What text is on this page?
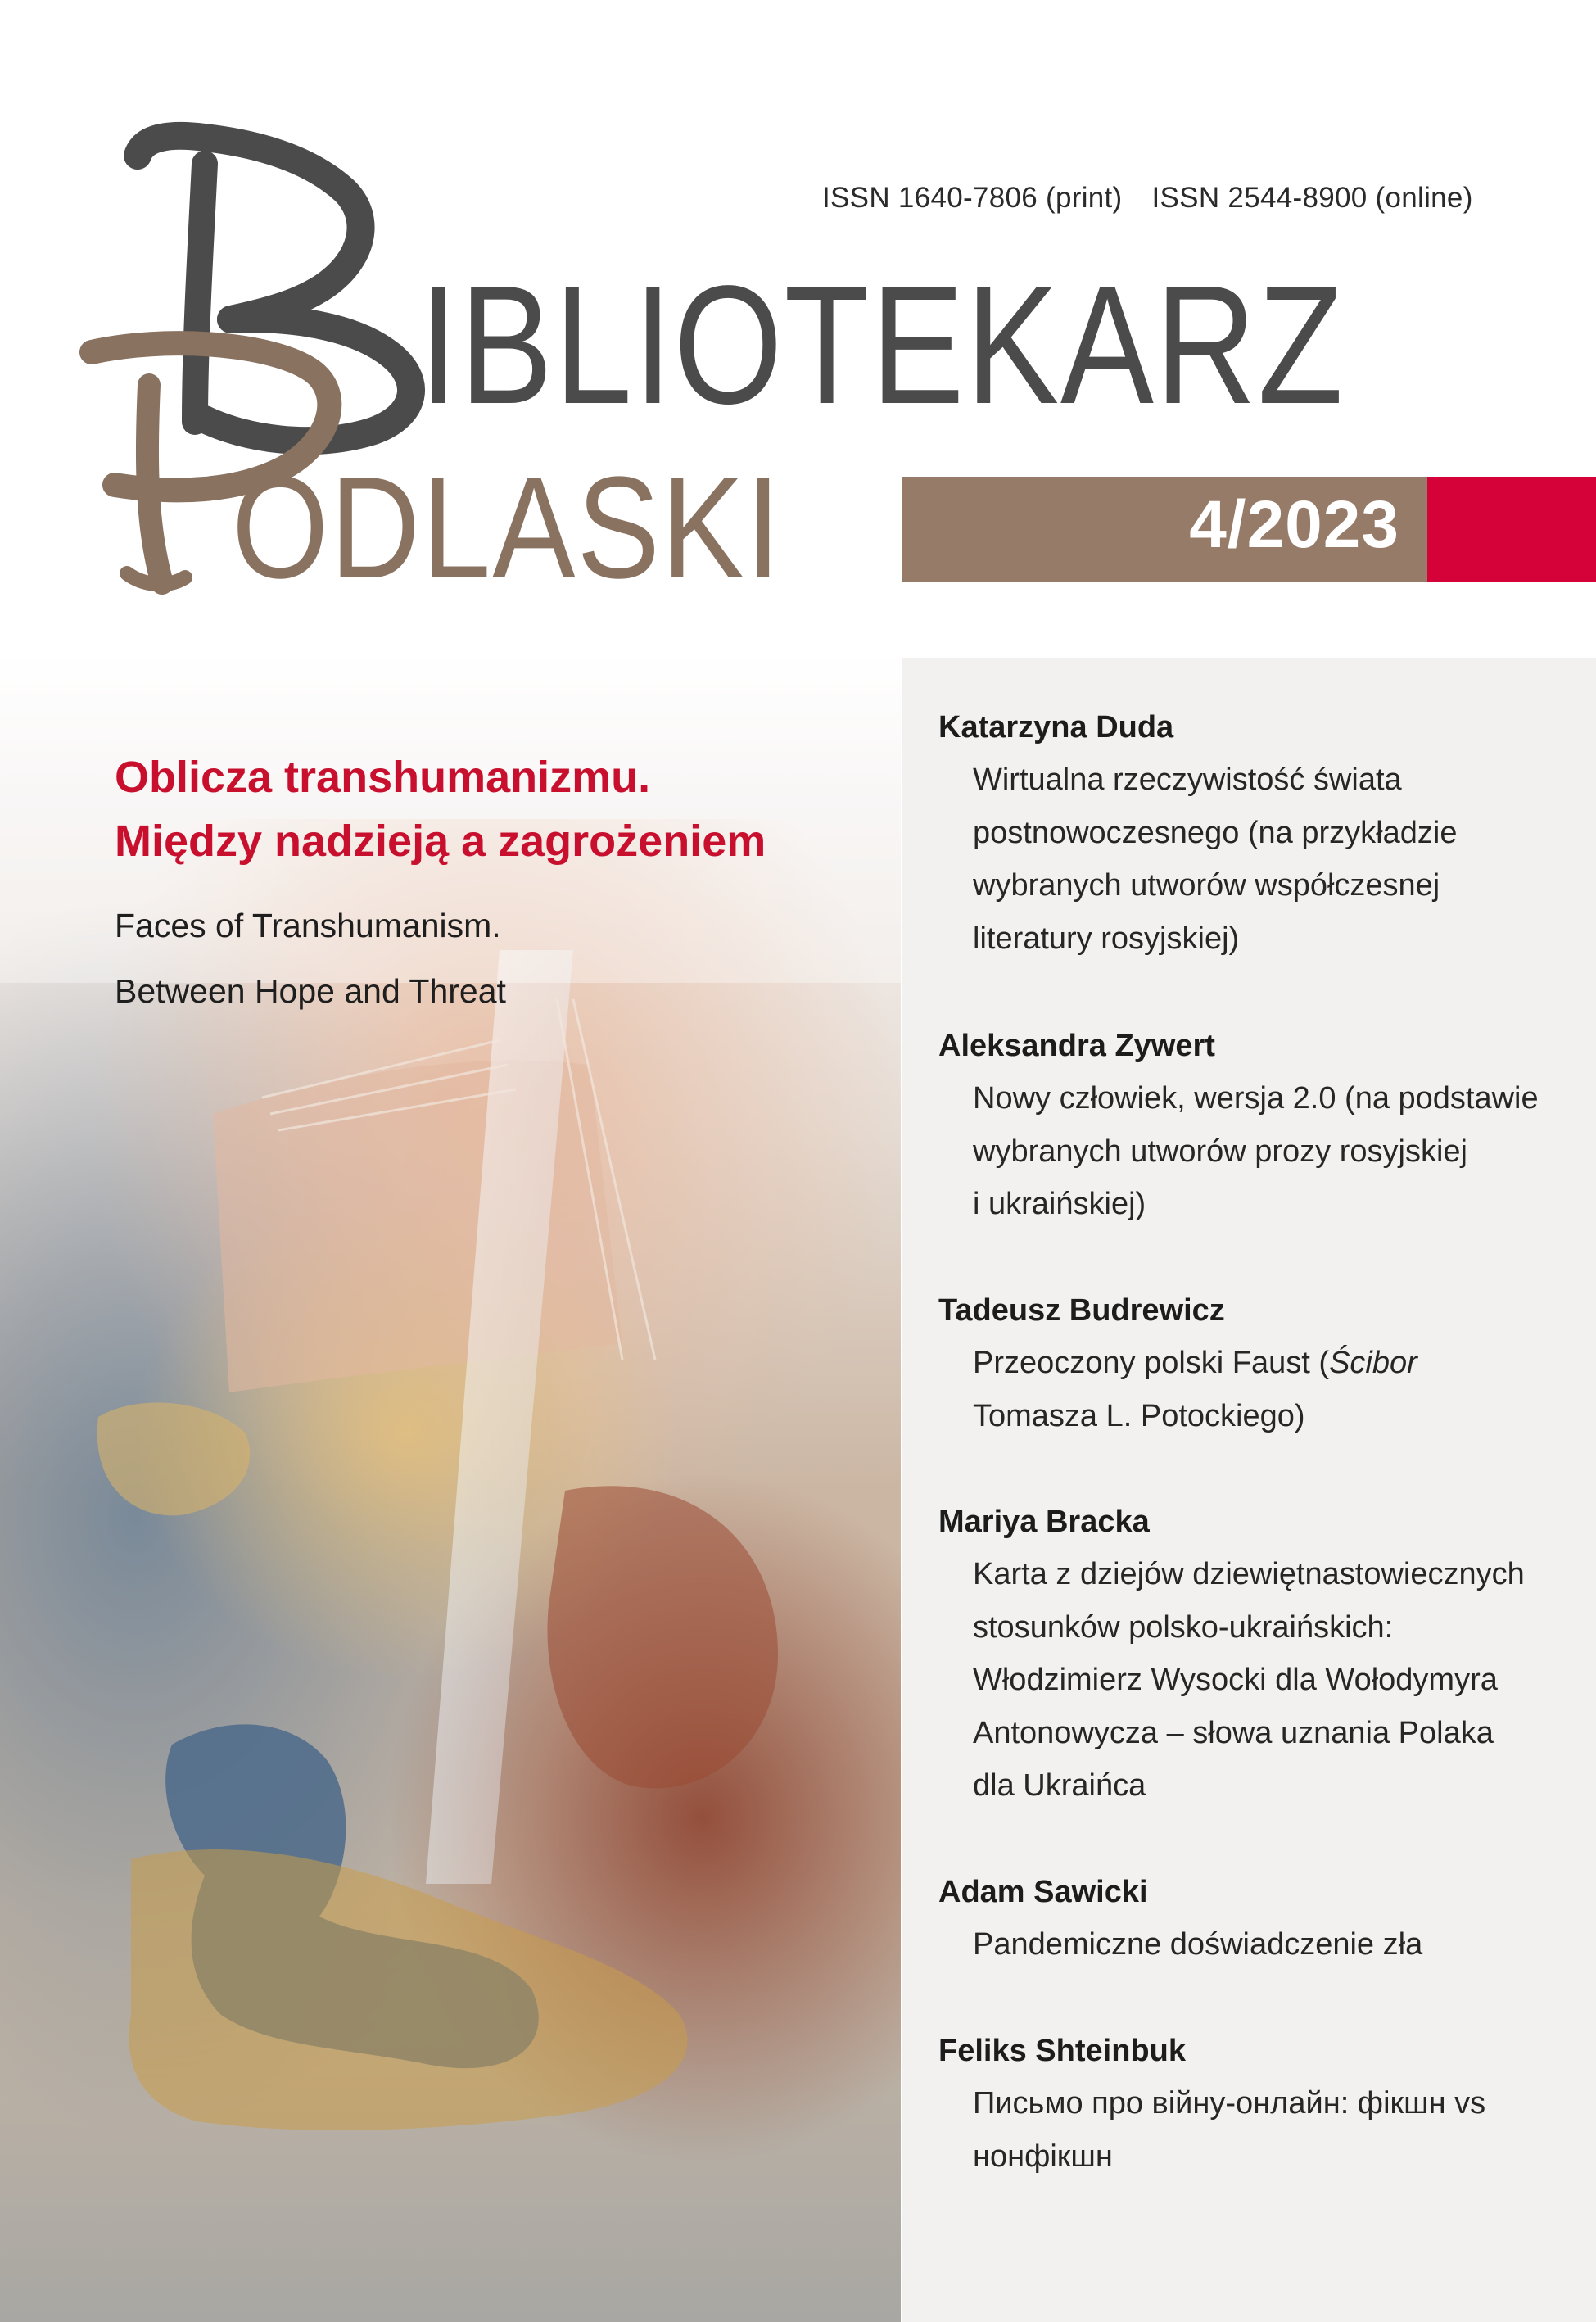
ISSN 1640-7806 (print) ISSN 2544-8900 (online)
IBLIOTEKARZ
ODLASKI	4/2023
Oblicza transhumanizmu.
Między nadzieją a zagrożeniem
Faces of Transhumanism.
Between Hope and Threat
Katarzyna Duda
Wirtualna rzeczywistość świata
postnowoczesnego (na przykładzie
wybranych utworów współczesnej
literatury rosyjskiej)
Aleksandra Zywert
Nowy człowiek, wersja 2.0 (na podstawie
wybranych utworów prozy rosyjskiej
i ukraińskiej)
Tadeusz Budrewicz
Przeoczony polski Faust (Ścibor
Tomasza L. Potockiego)
Mariya Bracka
Karta z dziejów dziewiętnastowiecznych
stosunków polsko-ukraińskich:
Włodzimierz Wysocki dla Wołodymyra
Antonowycza – słowa uznania Polaka
dla Ukraińca
Adam Sawicki
Pandemiczne doświadczenie zła
Feliks Shteinbuk
Письмо про війну-онлайн: фікшн vs
нонфікшн
